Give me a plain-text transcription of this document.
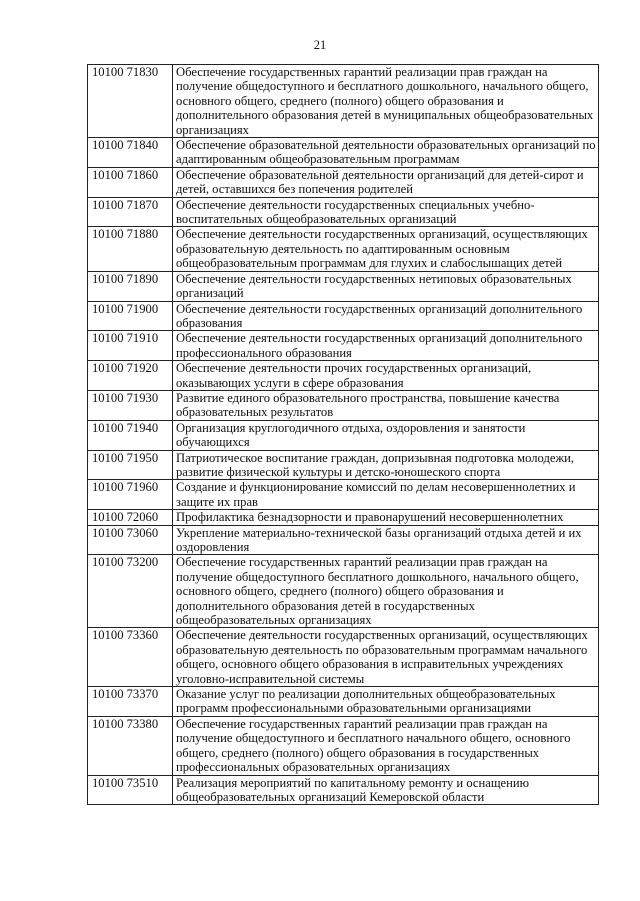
21
10100 71830	Обеспечение государственных гарантий реализации прав граждан на получение общедоступного и бесплатного дошкольного, начального общего, основного общего, среднего (полного) общего образования и дополнительного образования детей в муниципальных общеобразовательных организациях
10100 71840	Обеспечение образовательной деятельности образовательных организаций по адаптированным общеобразовательным программам
10100 71860	Обеспечение образовательной деятельности организаций для детей-сирот и детей, оставшихся без попечения родителей
10100 71870	Обеспечение деятельности государственных специальных учебно-воспитательных общеобразовательных организаций
10100 71880	Обеспечение деятельности государственных организаций, осуществляющих образовательную деятельность по адаптированным основным общеобразовательным программам для глухих и слабослышащих детей
10100 71890	Обеспечение деятельности государственных нетиповых образовательных организаций
10100 71900	Обеспечение деятельности государственных организаций дополнительного образования
10100 71910	Обеспечение деятельности государственных организаций дополнительного профессионального образования
10100 71920	Обеспечение деятельности прочих государственных организаций, оказывающих услуги в сфере образования
10100 71930	Развитие единого образовательного пространства, повышение качества образовательных результатов
10100 71940	Организация круглогодичного отдыха, оздоровления и занятости обучающихся
10100 71950	Патриотическое воспитание граждан, допризывная подготовка молодежи, развитие физической культуры и детско-юношеского спорта
10100 71960	Создание и функционирование комиссий по делам несовершеннолетних и защите их прав
10100 72060	Профилактика безнадзорности и правонарушений несовершеннолетних
10100 73060	Укрепление материально-технической базы организаций отдыха детей и их оздоровления
10100 73200	Обеспечение государственных гарантий реализации прав граждан на получение общедоступного бесплатного дошкольного, начального общего, основного общего, среднего (полного) общего образования и дополнительного образования детей в государственных общеобразовательных организациях
10100 73360	Обеспечение деятельности государственных организаций, осуществляющих образовательную деятельность по образовательным программам начального общего, основного общего образования в исправительных учреждениях уголовно-исправительной системы
10100 73370	Оказание услуг по реализации дополнительных общеобразовательных программ профессиональными образовательными организациями
10100 73380	Обеспечение государственных гарантий реализации прав граждан на получение общедоступного и бесплатного начального общего, основного общего, среднего (полного) общего образования в государственных профессиональных образовательных организациях
10100 73510	Реализация мероприятий по капитальному ремонту и оснащению общеобразовательных организаций Кемеровской области
